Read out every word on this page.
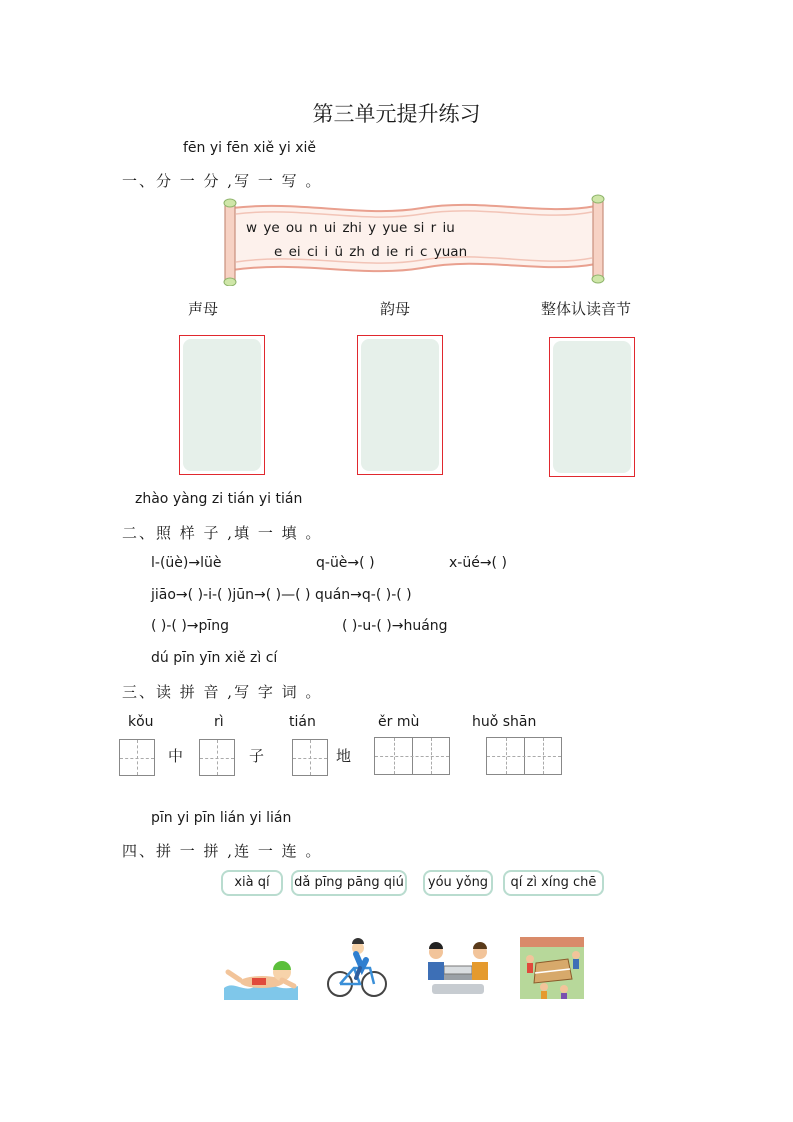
第三单元提升练习
fēn yi fēn xiě yi xiě
一、分 一 分 ,写 一 写 。
w ye ou n ui zhi y yue si r iu
e ei ci i ü zh d ie ri c yuan
声母	韵母	整体认读音节
zhào yàng zi tián yi tián
二、照 样 子 ,填 一 填 。
l-(üè)→lüè	q-üè→( )	x-üé→( )
jiāo→( )-i-( )jūn→( )—( ) quán→q-( )-( )
( )-( )→pīng	( )-u-( )→huáng
dú pīn yīn xiě zì cí
三、读 拼 音 ,写 字 词 。
kǒu	rì	tián	ěr mù	huǒ shān
中	子	地
pīn yi pīn lián yi lián
四、拼 一 拼 ,连 一 连 。
xià qí	dǎ pīng pāng qiú	yóu yǒng	qí zì xíng chē
